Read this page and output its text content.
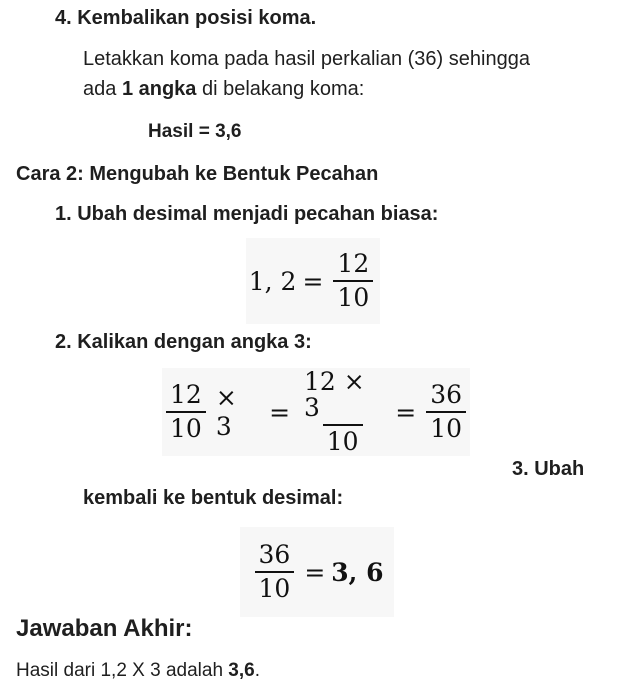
4. Kembalikan posisi koma.
Letakkan koma pada hasil perkalian (36) sehingga
ada 1 angka di belakang koma:
Hasil = 3,6
Cara 2: Mengubah ke Bentuk Pecahan
1. Ubah desimal menjadi pecahan biasa:
1, $2 = \frac{12}{10}$
2. Kalikan dengan angka 3:
$\frac{12}{10} \times 3$	= $\frac{12 \times 3}{10} = \frac{36}{10}$
3. Ubah
kembali ke bentuk desimal:
$\frac{36}{10} = 3$, 6
Jawaban Akhir:
Hasil dari 1,2 X 3 adalah 3,6.
